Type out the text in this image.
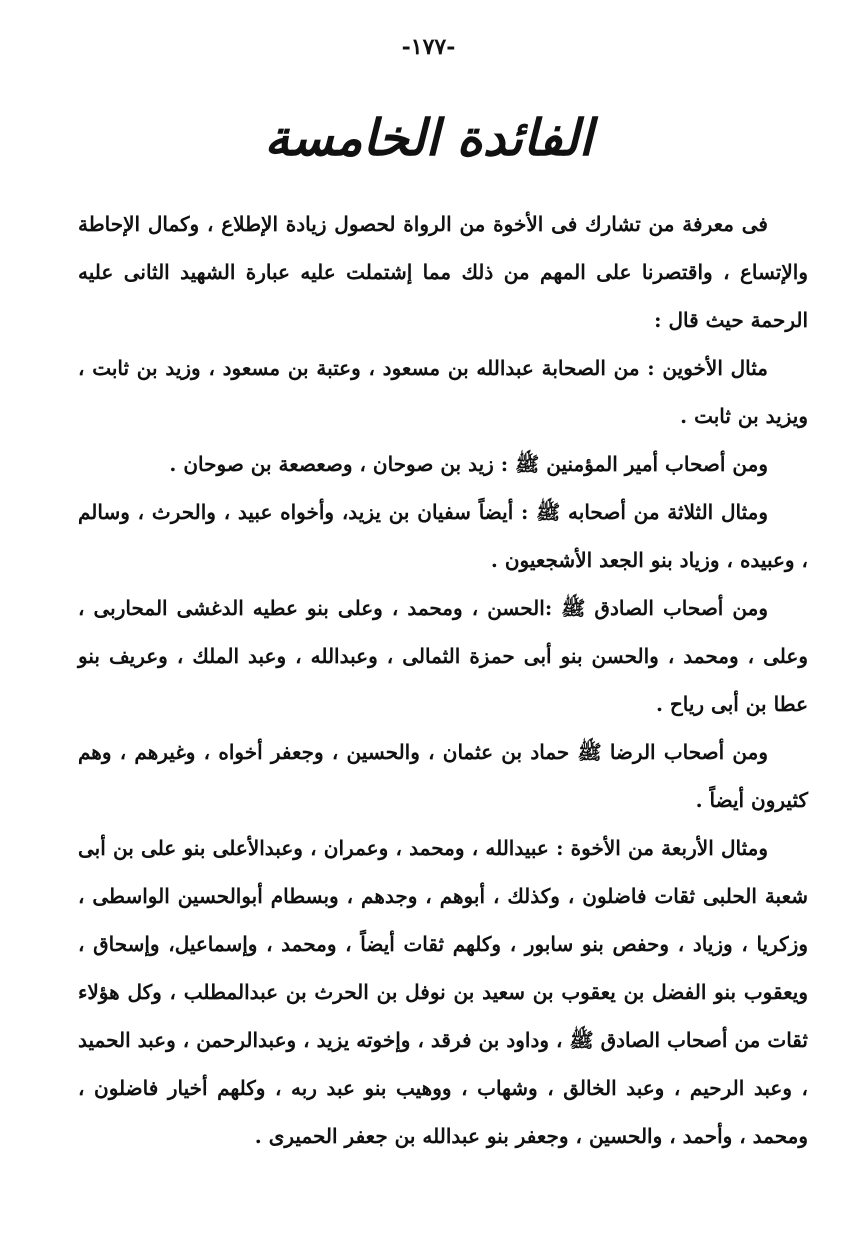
-١٧٧-
الفائدة الخامسة

فى معرفة من تشارك فى الأخوة من الرواة لحصول زيادة الإطلاع ، وكمال الإحاطة والإتساع ، واقتصرنا على المهم من ذلك مما إشتملت عليه عبارة الشهيد الثانى عليه الرحمة حيث قال :

مثال الأخوين : من الصحابة عبدالله بن مسعود ، وعتبة بن مسعود ، وزيد بن ثابت ، ويزيد بن ثابت .

ومن أصحاب أمير المؤمنين ﷺ : زيد بن صوحان ، وصعصعة بن صوحان .

ومثال الثلاثة من أصحابه ﷺ : أيضاً سفيان بن يزيد، وأخواه عبيد ، والحرث ، وسالم ، وعبيده ، وزياد بنو الجعد الأشجعيون .

ومن أصحاب الصادق ﷺ :الحسن ، ومحمد ، وعلى بنو عطيه الدغشى المحاربى ، وعلى ، ومحمد ، والحسن بنو أبى حمزة الثمالى ، وعبدالله ، وعبد الملك ، وعريف بنو عطا بن أبى رياح .

ومن أصحاب الرضا ﷺ حماد بن عثمان ، والحسين ، وجعفر أخواه ، وغيرهم ، وهم كثيرون أيضاً .

ومثال الأربعة من الأخوة : عبيدالله ، ومحمد ، وعمران ، وعبدالأعلى بنو على بن أبى شعبة الحلبى ثقات فاضلون ، وكذلك ، أبوهم ، وجدهم ، وبسطام أبوالحسين الواسطى ، وزكريا ، وزياد ، وحفص بنو سابور ، وكلهم ثقات أيضاً ، ومحمد ، وإسماعيل، وإسحاق ، ويعقوب بنو الفضل بن يعقوب بن سعيد بن نوفل بن الحرث بن عبدالمطلب ، وكل هؤلاء ثقات من أصحاب الصادق ﷺ ، وداود بن فرقد ، وإخوته يزيد ، وعبدالرحمن ، وعبد الحميد ، وعبد الرحيم ، وعبد الخالق ، وشهاب ، ووهيب بنو عبد ربه ، وكلهم أخيار فاضلون ، ومحمد ، وأحمد ، والحسين ، وجعفر بنو عبدالله بن جعفر الحميرى .
